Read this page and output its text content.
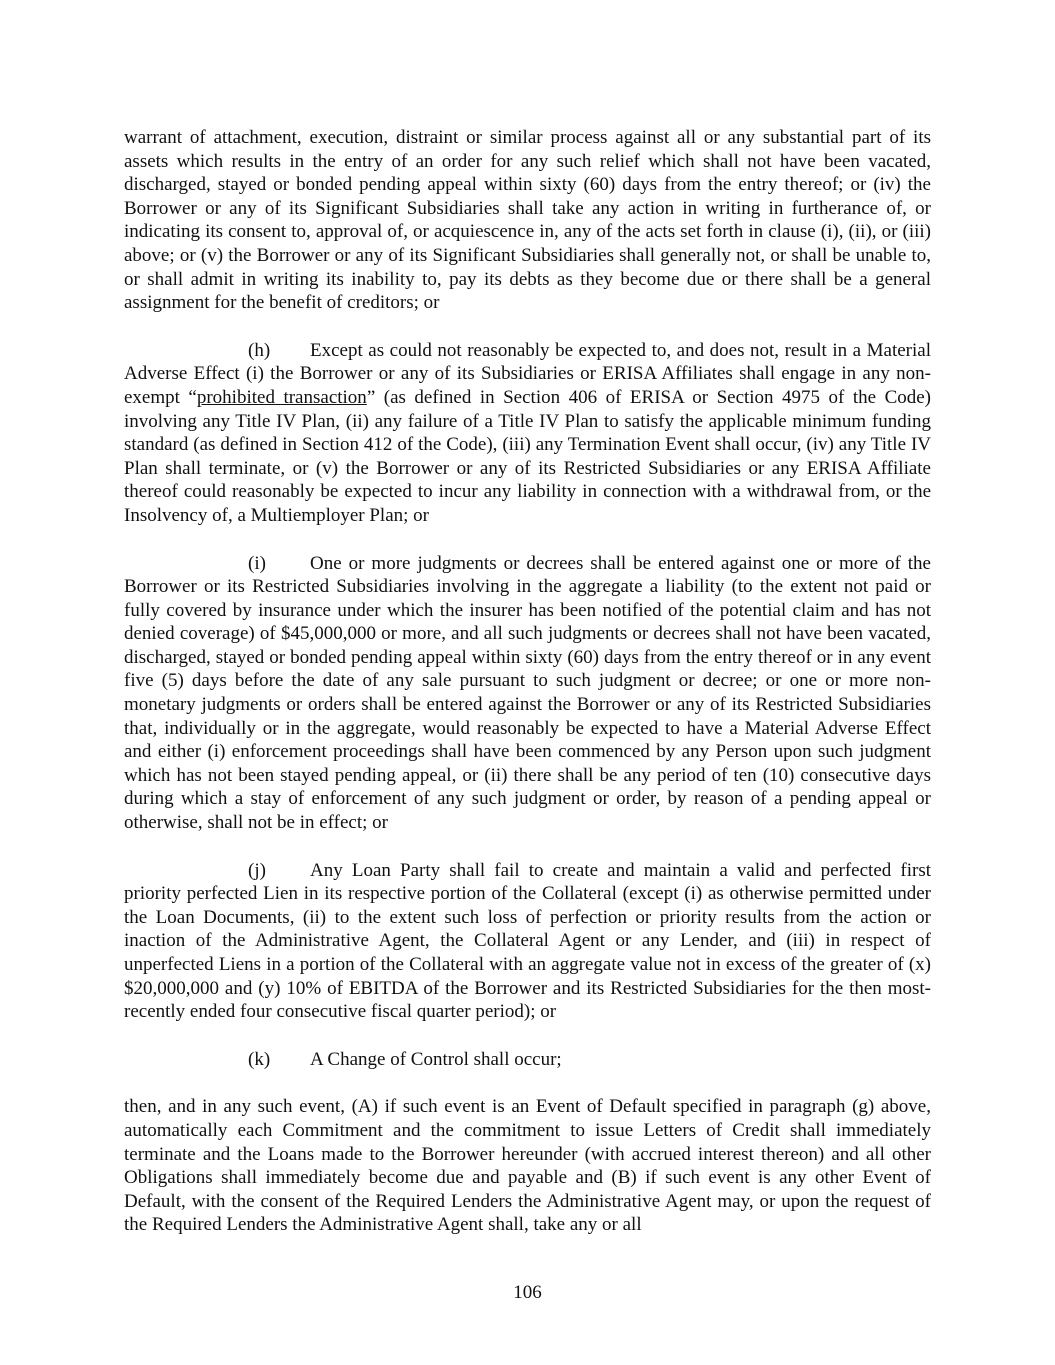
warrant of attachment, execution, distraint or similar process against all or any substantial part of its assets which results in the entry of an order for any such relief which shall not have been vacated, discharged, stayed or bonded pending appeal within sixty (60) days from the entry thereof; or (iv) the Borrower or any of its Significant Subsidiaries shall take any action in writing in furtherance of, or indicating its consent to, approval of, or acquiescence in, any of the acts set forth in clause (i), (ii), or (iii) above; or (v) the Borrower or any of its Significant Subsidiaries shall generally not, or shall be unable to, or shall admit in writing its inability to, pay its debts as they become due or there shall be a general assignment for the benefit of creditors; or

(h) Except as could not reasonably be expected to, and does not, result in a Material Adverse Effect (i) the Borrower or any of its Subsidiaries or ERISA Affiliates shall engage in any non-exempt “prohibited transaction” (as defined in Section 406 of ERISA or Section 4975 of the Code) involving any Title IV Plan, (ii) any failure of a Title IV Plan to satisfy the applicable minimum funding standard (as defined in Section 412 of the Code), (iii) any Termination Event shall occur, (iv) any Title IV Plan shall terminate, or (v) the Borrower or any of its Restricted Subsidiaries or any ERISA Affiliate thereof could reasonably be expected to incur any liability in connection with a withdrawal from, or the Insolvency of, a Multiemployer Plan; or

(i) One or more judgments or decrees shall be entered against one or more of the Borrower or its Restricted Subsidiaries involving in the aggregate a liability (to the extent not paid or fully covered by insurance under which the insurer has been notified of the potential claim and has not denied coverage) of $45,000,000 or more, and all such judgments or decrees shall not have been vacated, discharged, stayed or bonded pending appeal within sixty (60) days from the entry thereof or in any event five (5) days before the date of any sale pursuant to such judgment or decree; or one or more non-monetary judgments or orders shall be entered against the Borrower or any of its Restricted Subsidiaries that, individually or in the aggregate, would reasonably be expected to have a Material Adverse Effect and either (i) enforcement proceedings shall have been commenced by any Person upon such judgment which has not been stayed pending appeal, or (ii) there shall be any period of ten (10) consecutive days during which a stay of enforcement of any such judgment or order, by reason of a pending appeal or otherwise, shall not be in effect; or

(j) Any Loan Party shall fail to create and maintain a valid and perfected first priority perfected Lien in its respective portion of the Collateral (except (i) as otherwise permitted under the Loan Documents, (ii) to the extent such loss of perfection or priority results from the action or inaction of the Administrative Agent, the Collateral Agent or any Lender, and (iii) in respect of unperfected Liens in a portion of the Collateral with an aggregate value not in excess of the greater of (x) $20,000,000 and (y) 10% of EBITDA of the Borrower and its Restricted Subsidiaries for the then most-recently ended four consecutive fiscal quarter period); or

(k) A Change of Control shall occur;

then, and in any such event, (A) if such event is an Event of Default specified in paragraph (g) above, automatically each Commitment and the commitment to issue Letters of Credit shall immediately terminate and the Loans made to the Borrower hereunder (with accrued interest thereon) and all other Obligations shall immediately become due and payable and (B) if such event is any other Event of Default, with the consent of the Required Lenders the Administrative Agent may, or upon the request of the Required Lenders the Administrative Agent shall, take any or all

106
